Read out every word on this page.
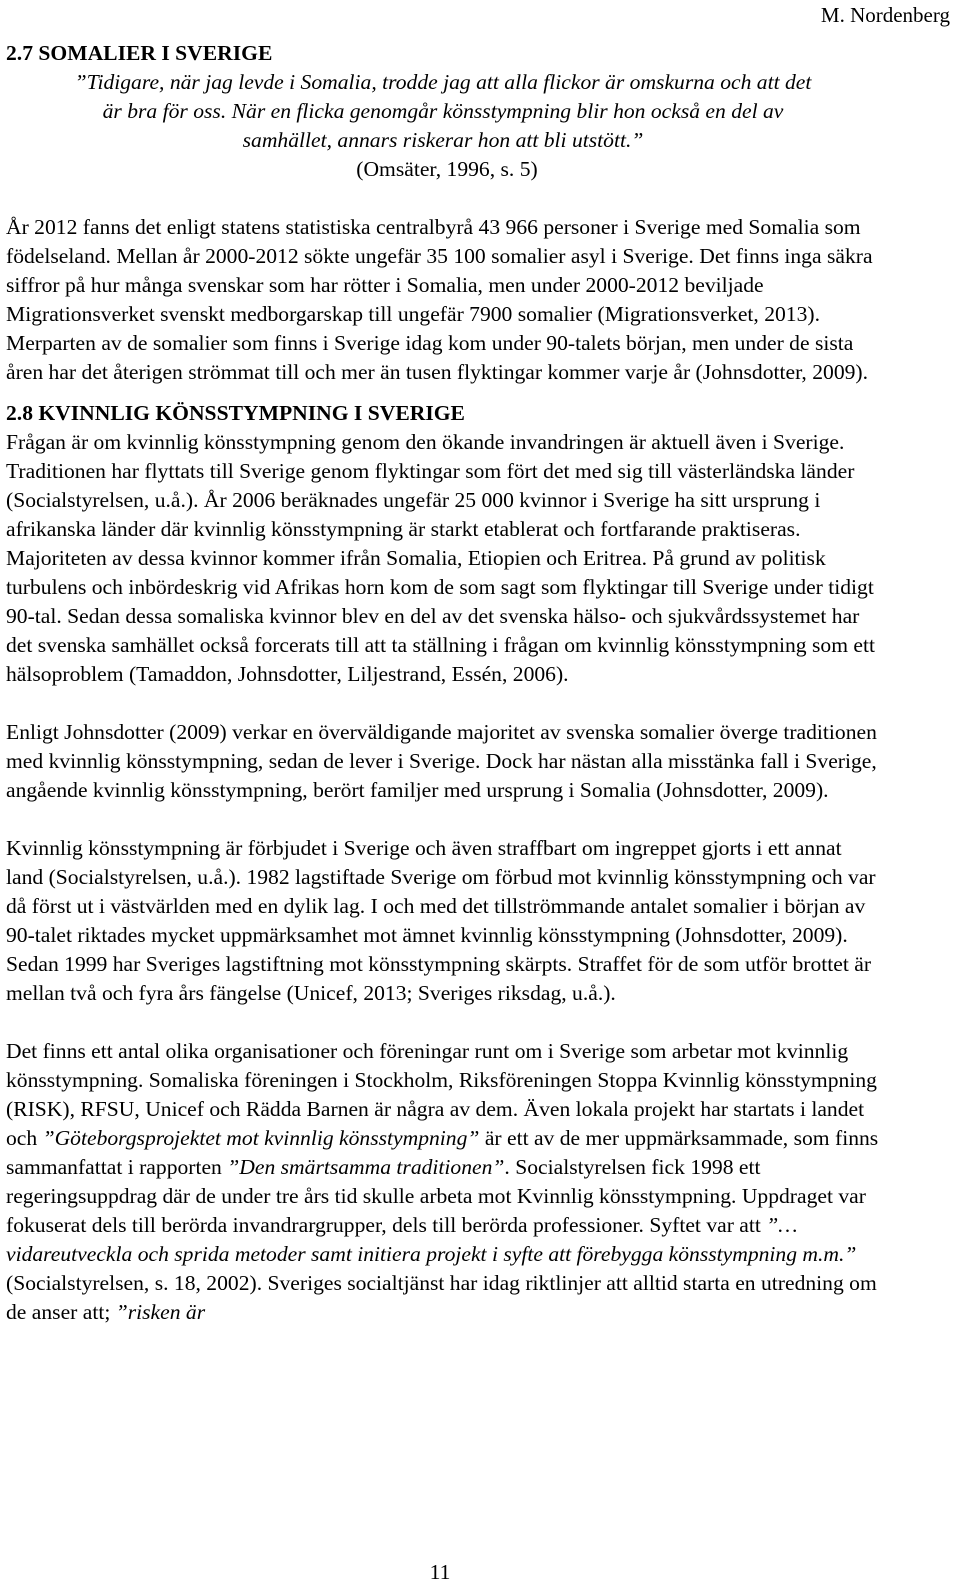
M. Nordenberg
2.7 SOMALIER I SVERIGE

”Tidigare, när jag levde i Somalia, trodde jag att alla flickor är omskurna och att det

är bra för oss. När en flicka genomgår könsstympning blir hon också en del av

samhället, annars riskerar hon att bli utstött.”

(Omsäter, 1996, s. 5)

År 2012 fanns det enligt statens statistiska centralbyrå 43 966 personer i Sverige med Somalia som födelseland. Mellan år 2000-2012 sökte ungefär 35 100 somalier asyl i Sverige. Det finns inga säkra siffror på hur många svenskar som har rötter i Somalia, men under 2000-2012 beviljade Migrationsverket svenskt medborgarskap till ungefär 7900 somalier (Migrationsverket, 2013). Merparten av de somalier som finns i Sverige idag kom under 90-talets början, men under de sista åren har det återigen strömmat till och mer än tusen flyktingar kommer varje år (Johnsdotter, 2009).

2.8 KVINNLIG KÖNSSTYMPNING I SVERIGE

Frågan är om kvinnlig könsstympning genom den ökande invandringen är aktuell även i Sverige. Traditionen har flyttats till Sverige genom flyktingar som fört det med sig till västerländska länder (Socialstyrelsen, u.å.). År 2006 beräknades ungefär 25 000 kvinnor i Sverige ha sitt ursprung i afrikanska länder där kvinnlig könsstympning är starkt etablerat och fortfarande praktiseras. Majoriteten av dessa kvinnor kommer ifrån Somalia, Etiopien och Eritrea. På grund av politisk turbulens och inbördeskrig vid Afrikas horn kom de som sagt som flyktingar till Sverige under tidigt 90-tal. Sedan dessa somaliska kvinnor blev en del av det svenska hälso- och sjukvårdssystemet har det svenska samhället också forcerats till att ta ställning i frågan om kvinnlig könsstympning som ett hälsoproblem (Tamaddon, Johnsdotter, Liljestrand, Essén, 2006).

Enligt Johnsdotter (2009) verkar en överväldigande majoritet av svenska somalier överge traditionen med kvinnlig könsstympning, sedan de lever i Sverige. Dock har nästan alla misstänka fall i Sverige, angående kvinnlig könsstympning, berört familjer med ursprung i Somalia (Johnsdotter, 2009).

Kvinnlig könsstympning är förbjudet i Sverige och även straffbart om ingreppet gjorts i ett annat land (Socialstyrelsen, u.å.). 1982 lagstiftade Sverige om förbud mot kvinnlig könsstympning och var då först ut i västvärlden med en dylik lag. I och med det tillströmmande antalet somalier i början av 90-talet riktades mycket uppmärksamhet mot ämnet kvinnlig könsstympning (Johnsdotter, 2009). Sedan 1999 har Sveriges lagstiftning mot könsstympning skärpts. Straffet för de som utför brottet är mellan två och fyra års fängelse (Unicef, 2013; Sveriges riksdag, u.å.).

Det finns ett antal olika organisationer och föreningar runt om i Sverige som arbetar mot kvinnlig könsstympning. Somaliska föreningen i Stockholm, Riksföreningen Stoppa Kvinnlig könsstympning (RISK), RFSU, Unicef och Rädda Barnen är några av dem. Även lokala projekt har startats i landet och ”Göteborgsprojektet mot kvinnlig könsstympning” är ett av de mer uppmärksammade, som finns sammanfattat i rapporten ”Den smärtsamma traditionen”. Socialstyrelsen fick 1998 ett regeringsuppdrag där de under tre års tid skulle arbeta mot Kvinnlig könsstympning. Uppdraget var fokuserat dels till berörda invandrargrupper, dels till berörda professioner. Syftet var att ”… vidareutveckla och sprida metoder samt initiera projekt i syfte att förebygga könsstympning m.m.” (Socialstyrelsen, s. 18, 2002). Sveriges socialtjänst har idag riktlinjer att alltid starta en utredning om de anser att; ”risken är

11
